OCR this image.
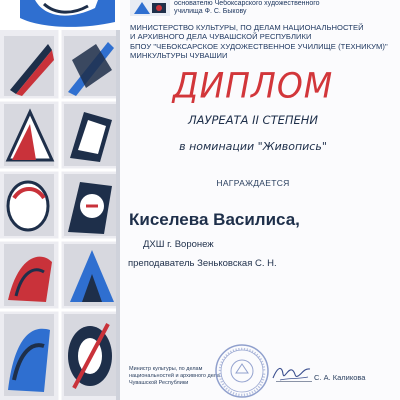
основателю Чебоксарского художественного
училища Ф. С. Быкову
МИНИСТЕРСТВО КУЛЬТУРЫ, ПО ДЕЛАМ НАЦИОНАЛЬНОСТЕЙ
И АРХИВНОГО ДЕЛА ЧУВАШСКОЙ РЕСПУБЛИКИ
БПОУ "ЧЕБОКСАРСКОЕ ХУДОЖЕСТВЕННОЕ УЧИЛИЩЕ (ТЕХНИКУМ)"
МИНКУЛЬТУРЫ ЧУВАШИИ
ДИПЛОМ
ЛАУРЕАТА II СТЕПЕНИ
в номинации "Живопись"
НАГРАЖДАЕТСЯ
Киселева Василиса,
ДХШ г. Воронеж
преподаватель Зеньковская С. Н.
Министр культуры, по делам
национальностей и архивного дела
Чувашской Республики
С. А. Каликова
